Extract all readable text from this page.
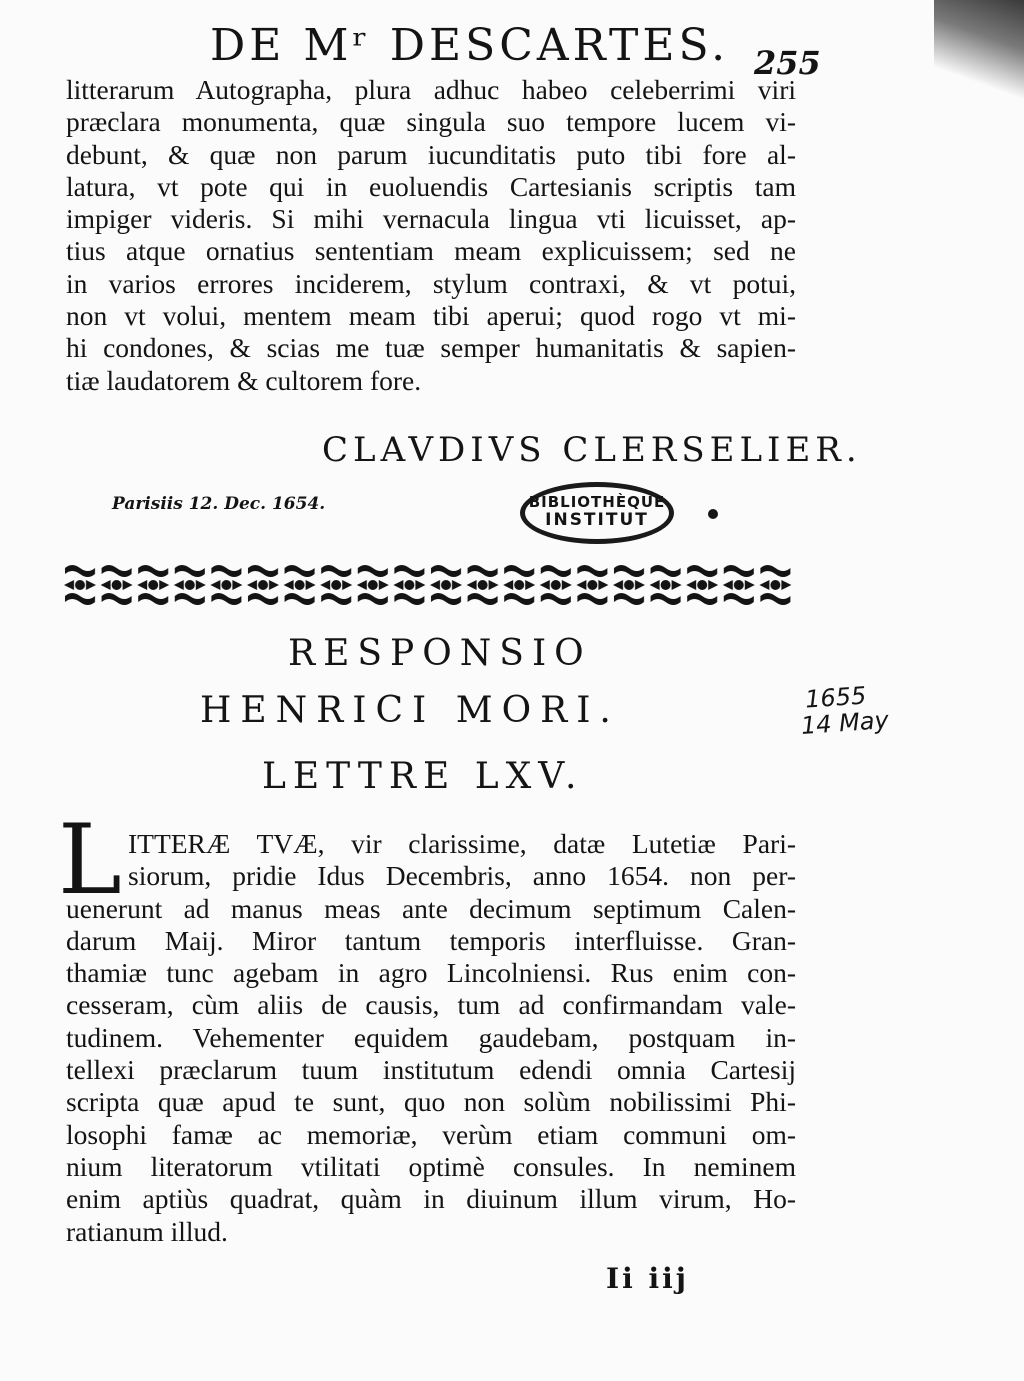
DE Mʳ DESCARTES. 255

litterarum Autographa, plura adhuc habeo celeberrimi viri
præclara monumenta, quæ singula suo tempore lucem vi-
debunt, & quæ non parum iucunditatis puto tibi fore al-
latura, vt pote qui in euoluendis Cartesianis scriptis tam
impiger videris. Si mihi vernacula lingua vti licuisset, ap-
tius atque ornatius sententiam meam explicuissem; sed ne
in varios errores inciderem, stylum contraxi, & vt potui,
non vt volui, mentem meam tibi aperui; quod rogo vt mi-
hi condones, & scias me tuæ semper humanitatis & sapien-
tiæ laudatorem & cultorem fore.

CLAVDIVS CLERSELIER.
Parisiis 12. Dec. 1654.	BIBLIOTHÈQUE
INSTITUT
RESPONSIO
HENRICI MORI.
LETTRE LXV.
1655
14 May
L ITTERÆ TVÆ, vir clarissime, datæ Lutetiæ Pari-
siorum, pridie Idus Decembris, anno 1654. non per-
uenerunt ad manus meas ante decimum septimum Calen-
darum Maij. Miror tantum temporis interfluisse. Gran-
thamiæ tunc agebam in agro Lincolniensi. Rus enim con-
cesseram, cùm aliis de causis, tum ad confirmandam vale-
tudinem. Vehementer equidem gaudebam, postquam in-
tellexi præclarum tuum institutum edendi omnia Cartesij
scripta quæ apud te sunt, quo non solùm nobilissimi Phi-
losophi famæ ac memoriæ, verùm etiam communi om-
nium literatorum vtilitati optimè consules. In neminem
enim aptiùs quadrat, quàm in diuinum illum virum, Ho-
ratianum illud.

Ii iij
